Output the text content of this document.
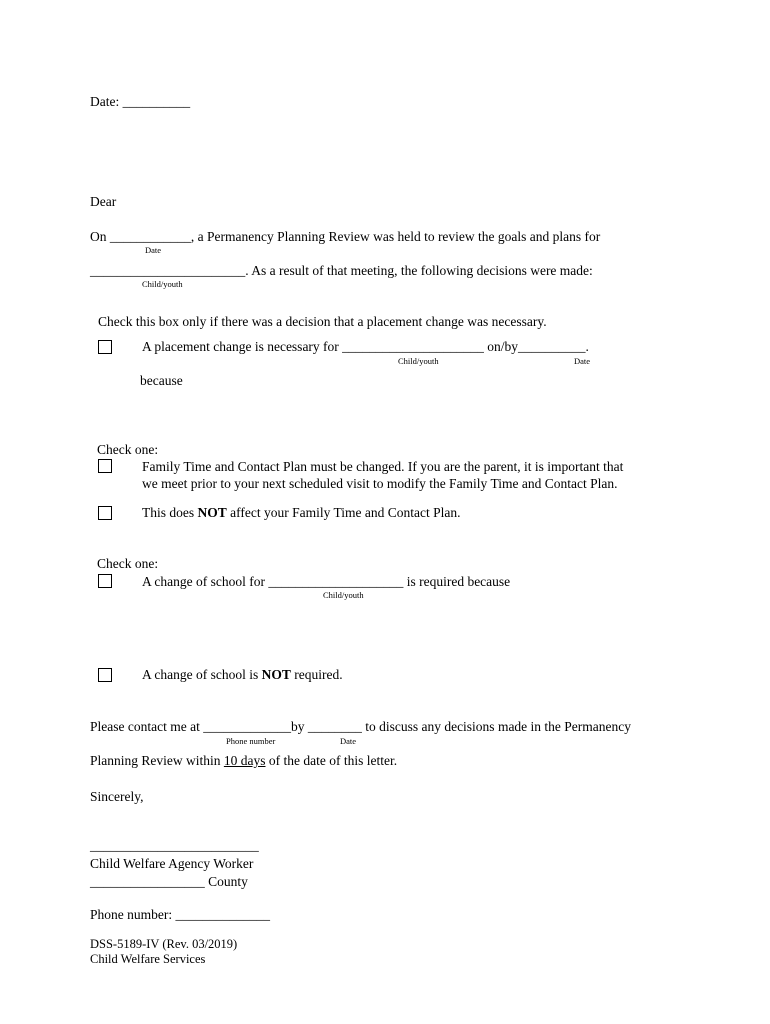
Date: __________
Dear
On ____________, a Permanency Planning Review was held to review the goals and plans for
Date
_______________________. As a result of that meeting, the following decisions were made:
Child/youth
Check this box only if there was a decision that a placement change was necessary.
A placement change is necessary for _____________________ on/by__________.
Child/youth	Date
because
Check one:
Family Time and Contact Plan must be changed. If you are the parent, it is important that
we meet prior to your next scheduled visit to modify the Family Time and Contact Plan.
This does NOT affect your Family Time and Contact Plan.
Check one:
A change of school for ____________________ is required because
Child/youth
A change of school is NOT required.
Please contact me at _____________by ________ to discuss any decisions made in the Permanency
Phone number	Date
Planning Review within 10 days of the date of this letter.
Sincerely,
_________________________
Child Welfare Agency Worker
_________________ County
Phone number: ______________
DSS-5189-IV (Rev. 03/2019)
Child Welfare Services
